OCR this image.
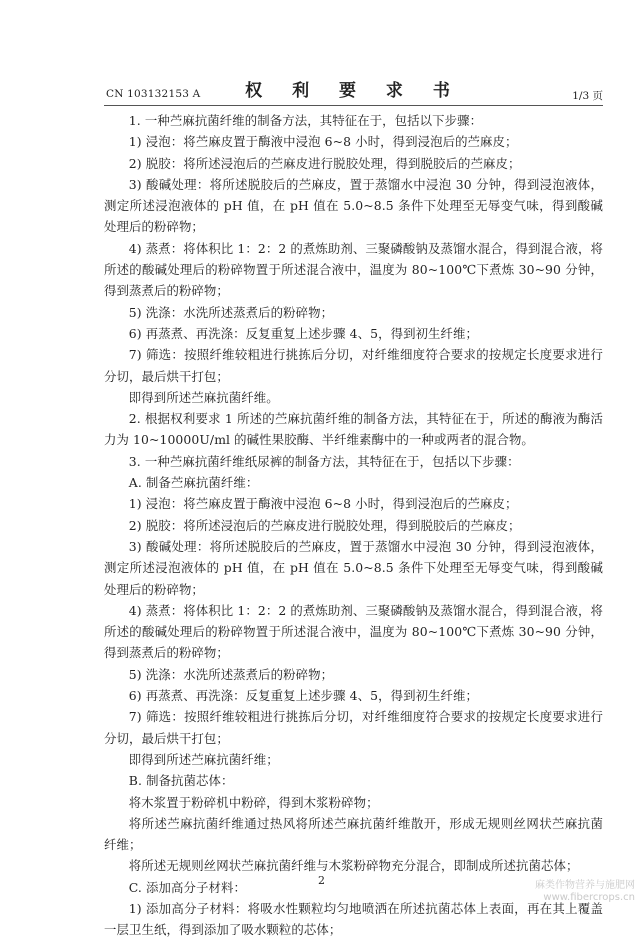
CN 103132153 A	权 利 要 求 书	1/3 页

1. 一种苎麻抗菌纤维的制备方法，其特征在于，包括以下步骤：

1) 浸泡：将苎麻皮置于酶液中浸泡 6~8 小时，得到浸泡后的苎麻皮；

2) 脱胶：将所述浸泡后的苎麻皮进行脱胶处理，得到脱胶后的苎麻皮；

3) 酸碱处理：将所述脱胶后的苎麻皮，置于蒸馏水中浸泡 30 分钟，得到浸泡液体，测定所述浸泡液体的 pH 值，在 pH 值在 5.0~8.5 条件下处理至无辱变气味，得到酸碱处理后的粉碎物；

4) 蒸煮：将体积比 1：2：2 的煮炼助剂、三聚磷酸钠及蒸馏水混合，得到混合液，将所述的酸碱处理后的粉碎物置于所述混合液中，温度为 80~100℃下煮炼 30~90 分钟，得到蒸煮后的粉碎物；

5) 洗涤：水洗所述蒸煮后的粉碎物；

6) 再蒸煮、再洗涤：反复重复上述步骤 4、5，得到初生纤维；

7) 筛选：按照纤维较粗进行挑拣后分切，对纤维细度符合要求的按规定长度要求进行分切，最后烘干打包；

即得到所述苎麻抗菌纤维。

2. 根据权利要求 1 所述的苎麻抗菌纤维的制备方法，其特征在于，所述的酶液为酶活力为 10~10000U/ml 的碱性果胶酶、半纤维素酶中的一种或两者的混合物。

3. 一种苎麻抗菌纤维纸尿裤的制备方法，其特征在于，包括以下步骤：

A. 制备苎麻抗菌纤维：

1) 浸泡：将苎麻皮置于酶液中浸泡 6~8 小时，得到浸泡后的苎麻皮；

2) 脱胶：将所述浸泡后的苎麻皮进行脱胶处理，得到脱胶后的苎麻皮；

3) 酸碱处理：将所述脱胶后的苎麻皮，置于蒸馏水中浸泡 30 分钟，得到浸泡液体，测定所述浸泡液体的 pH 值，在 pH 值在 5.0~8.5 条件下处理至无辱变气味，得到酸碱处理后的粉碎物；

4) 蒸煮：将体积比 1：2：2 的煮炼助剂、三聚磷酸钠及蒸馏水混合，得到混合液，将所述的酸碱处理后的粉碎物置于所述混合液中，温度为 80~100℃下煮炼 30~90 分钟，得到蒸煮后的粉碎物；

5) 洗涤：水洗所述蒸煮后的粉碎物；

6) 再蒸煮、再洗涤：反复重复上述步骤 4、5，得到初生纤维；

7) 筛选：按照纤维较粗进行挑拣后分切，对纤维细度符合要求的按规定长度要求进行分切，最后烘干打包；

即得到所述苎麻抗菌纤维；

B. 制备抗菌芯体：

将木浆置于粉碎机中粉碎，得到木浆粉碎物；

将所述苎麻抗菌纤维通过热风将所述苎麻抗菌纤维散开，形成无规则丝网状苎麻抗菌纤维；

将所述无规则丝网状苎麻抗菌纤维与木浆粉碎物充分混合，即制成所述抗菌芯体；

C. 添加高分子材料：

1) 添加高分子材料：将吸水性颗粒均匀地喷洒在所述抗菌芯体上表面，再在其上覆盖一层卫生纸，得到添加了吸水颗粒的芯体；

2	麻类作物营养与施肥网
www.fibercrops.cn
